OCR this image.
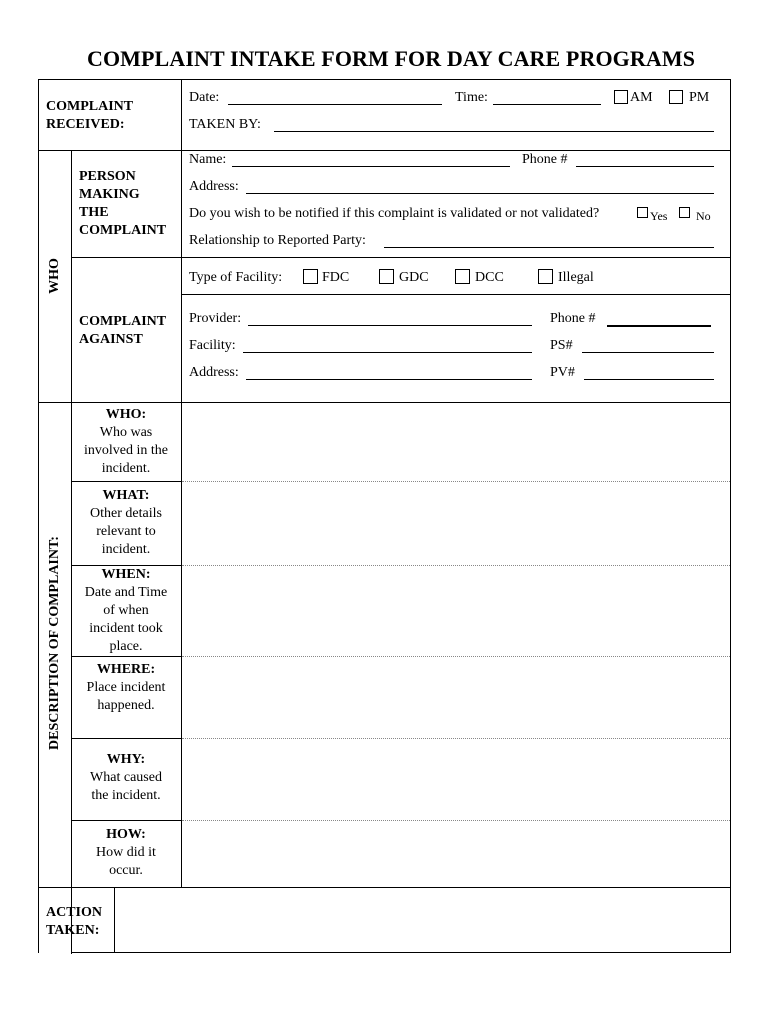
COMPLAINT INTAKE FORM FOR DAY CARE PROGRAMS
COMPLAINT
RECEIVED:
Date:	Time:	AM	PM
TAKEN BY:
WHO
PERSON
MAKING
THE
COMPLAINT
Name:	Phone #
Address:
Do you wish to be notified if this complaint is validated or not validated?	Yes No
Relationship to Reported Party:
COMPLAINT
AGAINST
Type of Facility:	FDC	GDC	DCC	Illegal
Provider:	Phone #
Facility:	PS#
Address:	PV#
DESCRIPTION OF COMPLAINT:
WHO:
Who was
involved in the
incident.
WHAT:
Other details
relevant to
incident.
WHEN:
Date and Time
of when
incident took
place.
WHERE:
Place incident
happened.
WHY:
What caused
the incident.
HOW:
How did it
occur.
ACTION
TAKEN:
